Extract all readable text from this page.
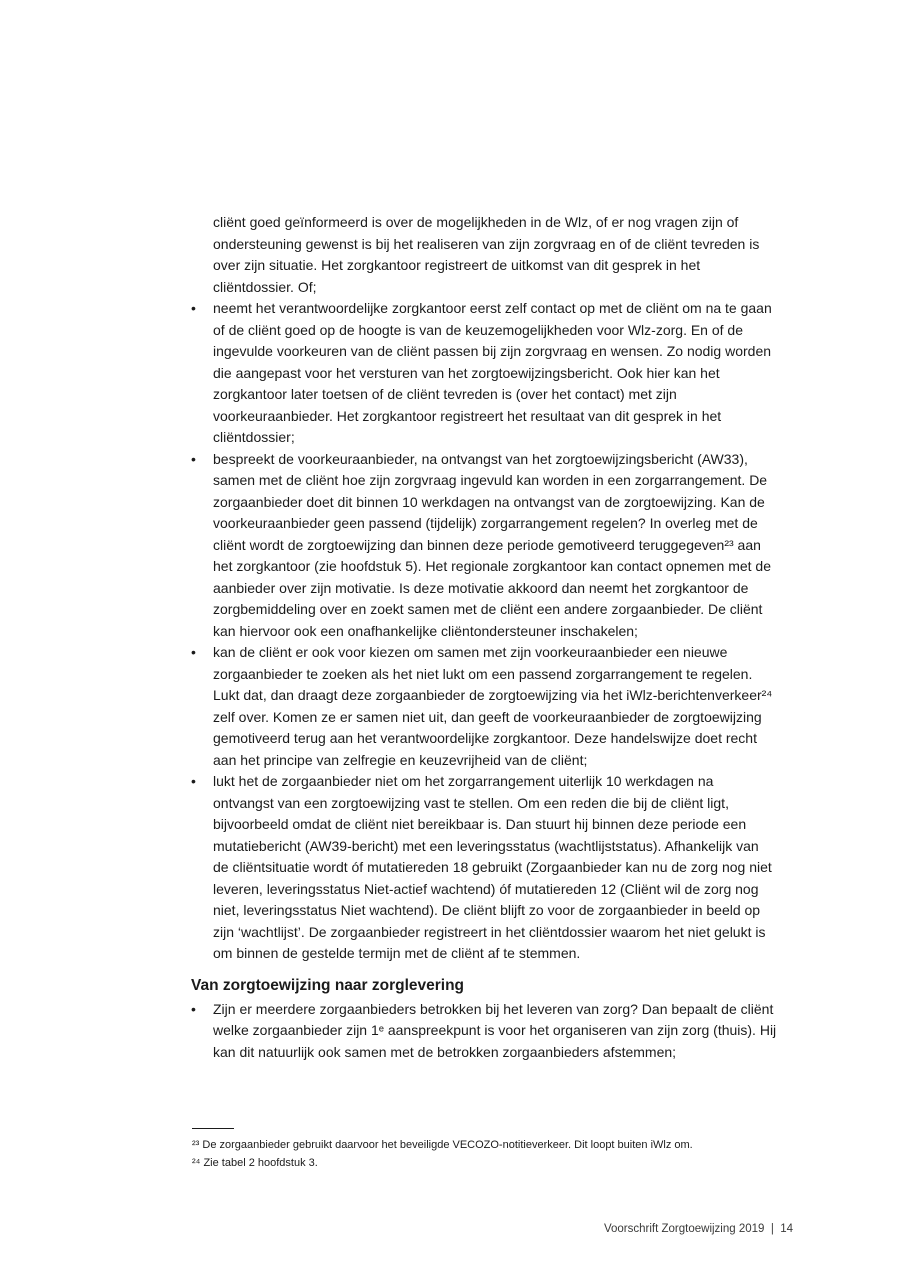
cliënt goed geïnformeerd is over de mogelijkheden in de Wlz, of er nog vragen zijn of ondersteuning gewenst is bij het realiseren van zijn zorgvraag en of de cliënt tevreden is over zijn situatie. Het zorgkantoor registreert de uitkomst van dit gesprek in het cliëntdossier. Of;

•	neemt het verantwoordelijke zorgkantoor eerst zelf contact op met de cliënt om na te gaan of de cliënt goed op de hoogte is van de keuzemogelijkheden voor Wlz-zorg. En of de ingevulde voorkeuren van de cliënt passen bij zijn zorgvraag en wensen. Zo nodig worden die aangepast voor het versturen van het zorgtoewijzingsbericht. Ook hier kan het zorgkantoor later toetsen of de cliënt tevreden is (over het contact) met zijn voorkeuraanbieder. Het zorgkantoor registreert het resultaat van dit gesprek in het cliëntdossier;
•	bespreekt de voorkeuraanbieder, na ontvangst van het zorgtoewijzingsbericht (AW33), samen met de cliënt hoe zijn zorgvraag ingevuld kan worden in een zorgarrangement. De zorgaanbieder doet dit binnen 10 werkdagen na ontvangst van de zorgtoewijzing. Kan de voorkeuraanbieder geen passend (tijdelijk) zorgarrangement regelen? In overleg met de cliënt wordt de zorgtoewijzing dan binnen deze periode gemotiveerd teruggegeven²³ aan het zorgkantoor (zie hoofdstuk 5). Het regionale zorgkantoor kan contact opnemen met de aanbieder over zijn motivatie. Is deze motivatie akkoord dan neemt het zorgkantoor de zorgbemiddeling over en zoekt samen met de cliënt een andere zorgaanbieder. De cliënt kan hiervoor ook een onafhankelijke cliëntondersteuner inschakelen;
•	kan de cliënt er ook voor kiezen om samen met zijn voorkeuraanbieder een nieuwe zorgaanbieder te zoeken als het niet lukt om een passend zorgarrangement te regelen. Lukt dat, dan draagt deze zorgaanbieder de zorgtoewijzing via het iWlz-berichtenverkeer²⁴ zelf over. Komen ze er samen niet uit, dan geeft de voorkeuraanbieder de zorgtoewijzing gemotiveerd terug aan het verantwoordelijke zorgkantoor. Deze handelswijze doet recht aan het principe van zelfregie en keuzevrijheid van de cliënt;
•	lukt het de zorgaanbieder niet om het zorgarrangement uiterlijk 10 werkdagen na ontvangst van een zorgtoewijzing vast te stellen. Om een reden die bij de cliënt ligt, bijvoorbeeld omdat de cliënt niet bereikbaar is. Dan stuurt hij binnen deze periode een mutatiebericht (AW39-bericht) met een leveringsstatus (wachtlijststatus). Afhankelijk van de cliëntsituatie wordt óf mutatiereden 18 gebruikt (Zorgaanbieder kan nu de zorg nog niet leveren, leveringsstatus Niet-actief wachtend) óf mutatiereden 12 (Cliënt wil de zorg nog niet, leveringsstatus Niet wachtend). De cliënt blijft zo voor de zorgaanbieder in beeld op zijn ‘wachtlijst’. De zorgaanbieder registreert in het cliëntdossier waarom het niet gelukt is om binnen de gestelde termijn met de cliënt af te stemmen.
Van zorgtoewijzing naar zorglevering
•	Zijn er meerdere zorgaanbieders betrokken bij het leveren van zorg? Dan bepaalt de cliënt welke zorgaanbieder zijn 1ᵉ aanspreekpunt is voor het organiseren van zijn zorg (thuis). Hij kan dit natuurlijk ook samen met de betrokken zorgaanbieders afstemmen;

²³ De zorgaanbieder gebruikt daarvoor het beveiligde VECOZO-notitieverkeer. Dit loopt buiten iWlz om.

²⁴ Zie tabel 2 hoofdstuk 3.

Voorschrift Zorgtoewijzing 2019  |  14
